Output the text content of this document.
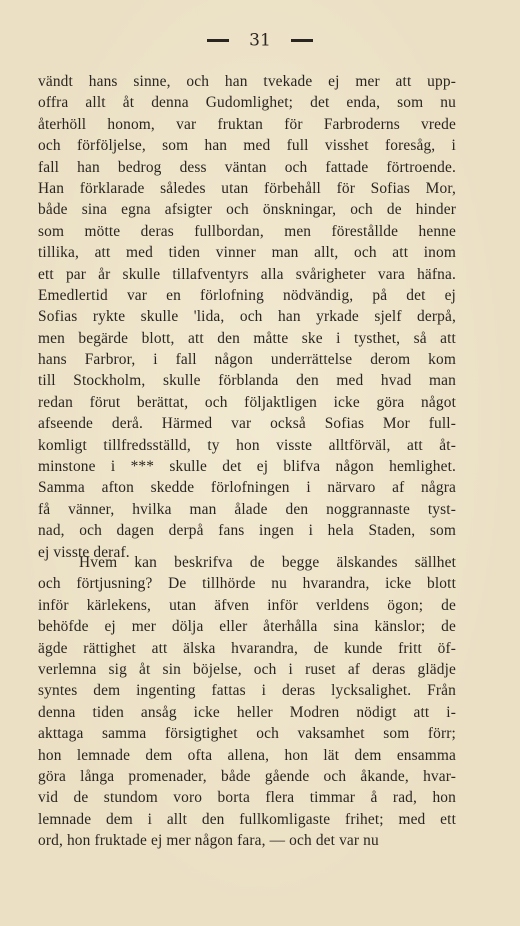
31
vändt hans sinne, och han tvekade ej mer att upp-
offra allt åt denna Gudomlighet; det enda, som nu
återhöll honom, var fruktan för Farbroderns vrede
och förföljelse, som han med full visshet foresåg, i
fall han bedrog dess väntan och fattade förtroende.
Han förklarade således utan förbehåll för Sofias Mor,
både sina egna afsigter och önskningar, och de hinder
som mötte deras fullbordan, men förestållde henne
tillika, att med tiden vinner man allt, och att inom
ett par år skulle tillafventyrs alla svårigheter vara häfna.
Emedlertid var en förlofning nödvändig, på det ej
Sofias rykte skulle 'lida, och han yrkade sjelf derpå,
men begärde blott, att den måtte ske i tysthet, så att
hans Farbror, i fall någon underrättelse derom kom
till Stockholm, skulle förblanda den med hvad man
redan förut berättat, och följaktligen icke göra något
afseende derå. Härmed var också Sofias Mor full-
komligt tillfredsställd, ty hon visste alltförväl, att åt-
minstone i *** skulle det ej blifva någon hemlighet.
Samma afton skedde förlofningen i närvaro af några
få vänner, hvilka man ålade den noggrannaste tyst-
nad, och dagen derpå fans ingen i hela Staden, som
ej visste deraf.
Hvem kan beskrifva de begge älskandes sällhet
och förtjusning? De tillhörde nu hvarandra, icke blott
inför kärlekens, utan äfven inför verldens ögon; de
behöfde ej mer dölja eller återhålla sina känslor; de
ägde rättighet att älska hvarandra, de kunde fritt öf-
verlemna sig åt sin böjelse, och i ruset af deras glädje
syntes dem ingenting fattas i deras lycksalighet. Från
denna tiden ansåg icke heller Modren nödigt att i-
akttaga samma försigtighet och vaksamhet som förr;
hon lemnade dem ofta allena, hon lät dem ensamma
göra långa promenader, både gående och åkande, hvar-
vid de stundom voro borta flera timmar å rad, hon
lemnade dem i allt den fullkomligaste frihet; med ett
ord, hon fruktade ej mer någon fara, — och det var nu
